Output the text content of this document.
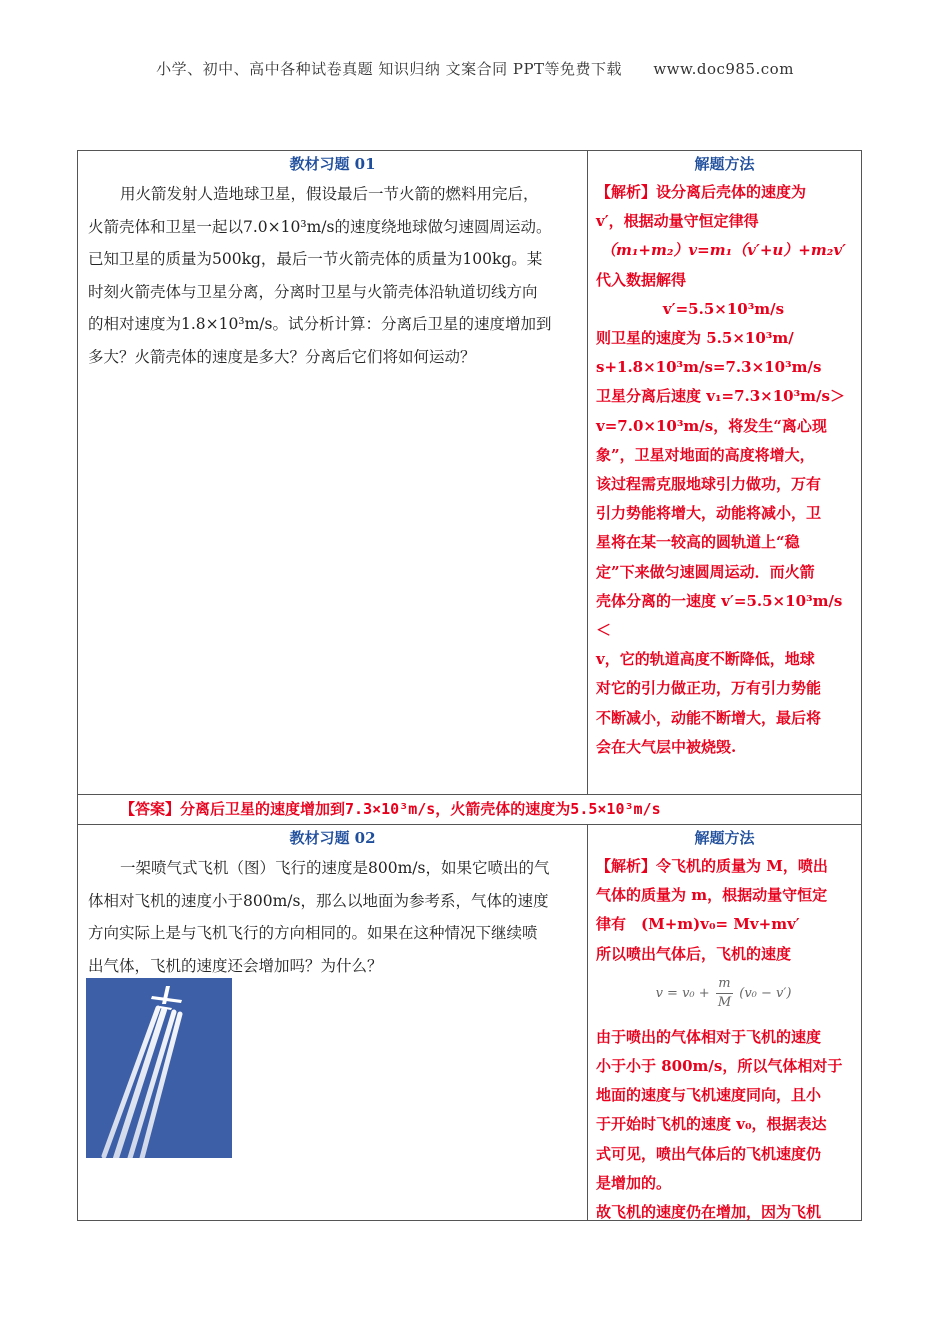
小学、初中、高中各种试卷真题 知识归纳 文案合同 PPT等免费下载 www.doc985.com
教材习题 01

用火箭发射人造地球卫星，假设最后一节火箭的燃料用完后，

火箭壳体和卫星一起以7.0×10³m/s的速度绕地球做匀速圆周运动。

已知卫星的质量为500kg，最后一节火箭壳体的质量为100kg。某

时刻火箭壳体与卫星分离，分离时卫星与火箭壳体沿轨道切线方向

的相对速度为1.8×10³m/s。试分析计算：分离后卫星的速度增加到

多大？火箭壳体的速度是多大？分离后它们将如何运动？

解题方法

【解析】设分离后壳体的速度为

v′，根据动量守恒定律得

（m₁+m₂）v=m₁（v′+u）+m₂v′

代入数据解得

v′=5.5×10³m/s

则卫星的速度为 5.5×10³m/

s+1.8×10³m/s=7.3×10³m/s

卫星分离后速度 v₁=7.3×10³m/s＞

v=7.0×10³m/s，将发生“离心现

象”，卫星对地面的高度将增大，

该过程需克服地球引力做功，万有

引力势能将增大，动能将减小，卫

星将在某一较高的圆轨道上“稳

定”下来做匀速圆周运动．而火箭

壳体分离的一速度 v′=5.5×10³m/s＜

v，它的轨道高度不断降低，地球

对它的引力做正功，万有引力势能

不断减小，动能不断增大，最后将

会在大气层中被烧毁.

【答案】分离后卫星的速度增加到7.3×10³m/s，火箭壳体的速度为5.5×10³m/s
教材习题 02

一架喷气式飞机（图）飞行的速度是800m/s，如果它喷出的气

体相对飞机的速度小于800m/s，那么以地面为参考系，气体的速度

方向实际上是与飞机飞行的方向相同的。如果在这种情况下继续喷

出气体，飞机的速度还会增加吗？为什么？

解题方法

【解析】令飞机的质量为 M，喷出

气体的质量为 m，根据动量守恒定

律有　(M+m)v₀= Mv+mv′

所以喷出气体后，飞机的速度

$v = v_0 + \frac{m}{M} (v_0 - v')$

由于喷出的气体相对于飞机的速度

小于小于 800m/s，所以气体相对于

地面的速度与飞机速度同向，且小

于开始时飞机的速度 v₀，根据表达

式可见，喷出气体后的飞机速度仍

是增加的。

故飞机的速度仍在增加，因为飞机
